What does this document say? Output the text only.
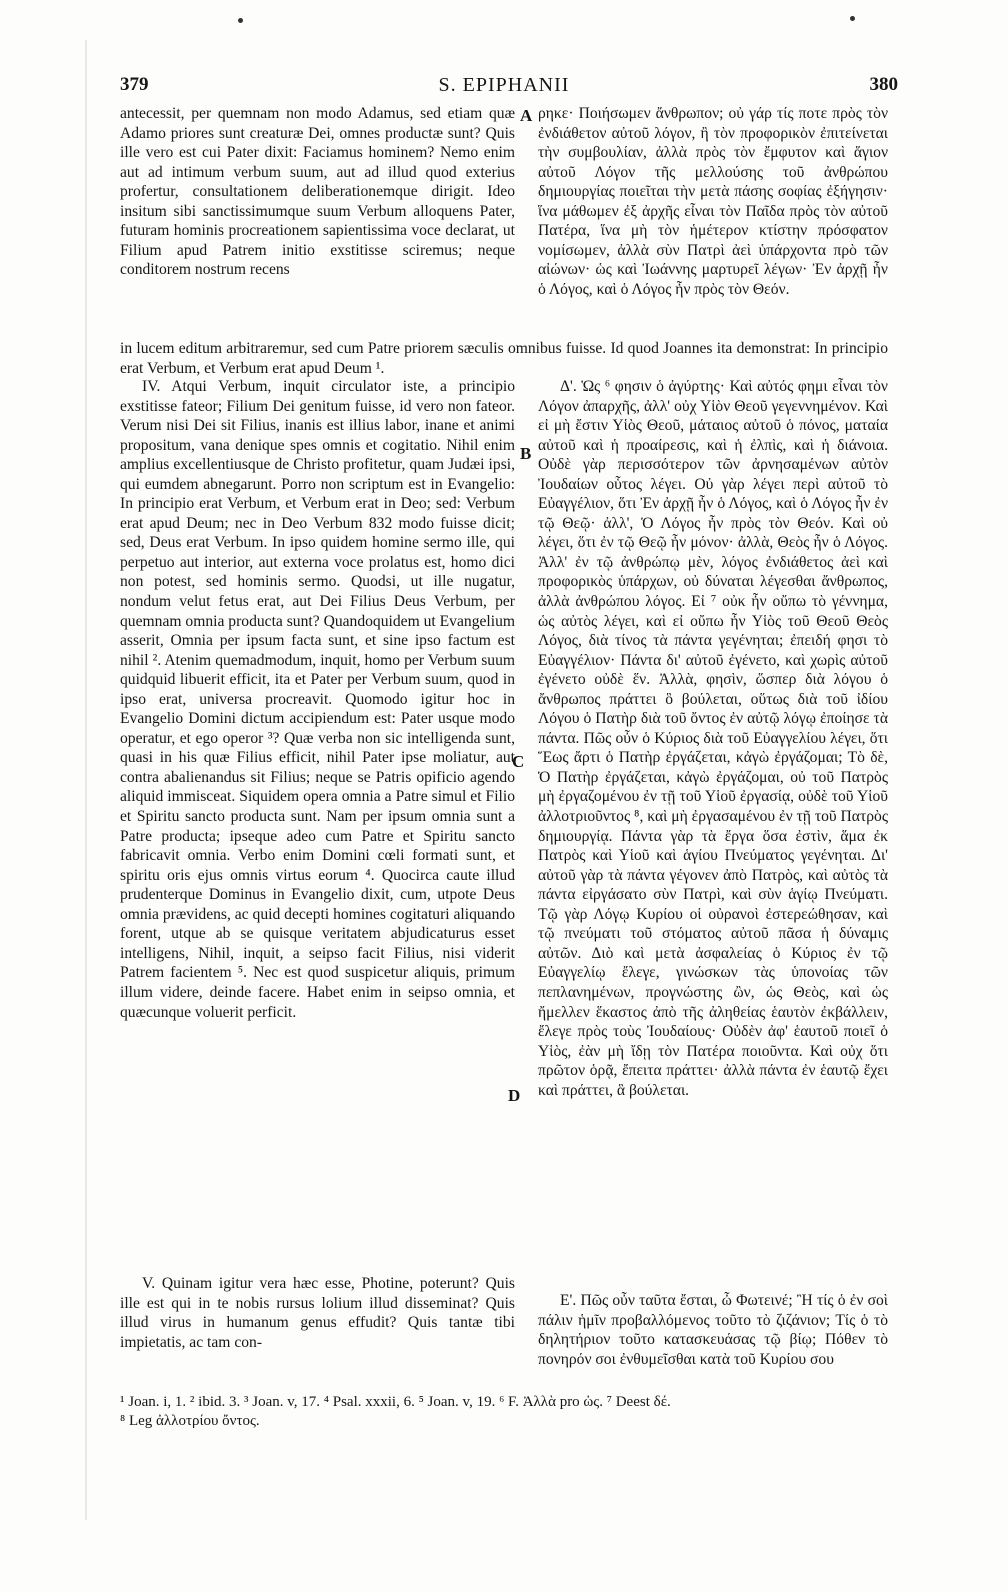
379	S. EPIPHANII	380

antecessit, per quemnam non modo Adamus, sed etiam quæ Adamo priores sunt creaturæ Dei, omnes productæ sunt? Quis ille vero est cui Pater dixit: Faciamus hominem? Nemo enim aut ad intimum verbum suum, aut ad illud quod exterius profertur, consultationem deliberationemque dirigit. Ideo insitum sibi sanctissimumque suum Verbum alloquens Pater, futuram hominis procreationem sapientissima voce declarat, ut Filium apud Patrem initio exstitisse sciremus; neque conditorem nostrum recens

A ρηκε· Ποιήσωμεν ἄνθρωπον; οὐ γάρ τίς ποτε πρὸς τὸν ἐνδιάθετον αὐτοῦ λόγον, ἢ τὸν προφορικὸν ἐπιτείνεται τὴν συμβουλίαν, ἀλλὰ πρὸς τὸν ἔμφυτον καὶ ἅγιον αὐτοῦ Λόγον τῆς μελλούσης τοῦ ἀνθρώπου δημιουργίας ποιεῖται τὴν μετὰ πάσης σοφίας ἐξήγησιν· ἵνα μάθωμεν ἐξ ἀρχῆς εἶναι τὸν Παῖδα πρὸς τὸν αὐτοῦ Πατέρα, ἵνα μὴ τὸν ἡμέτερον κτίστην πρόσφατον νομίσωμεν, ἀλλὰ σὺν Πατρὶ ἀεὶ ὑπάρχοντα πρὸ τῶν αἰώνων· ὡς καὶ Ἰωάννης μαρτυρεῖ λέγων· Ἐν ἀρχῇ ἦν ὁ Λόγος, καὶ ὁ Λόγος ἦν πρὸς τὸν Θεόν.

in lucem editum arbitraremur, sed cum Patre priorem sæculis omnibus fuisse. Id quod Joannes ita demonstrat: In principio erat Verbum, et Verbum erat apud Deum ¹.

IV. Atqui Verbum, inquit circulator iste, a principio exstitisse fateor; Filium Dei genitum fuisse, id vero non fateor. Verum nisi Dei sit Filius, inanis est illius labor, inane et animi propositum, vana denique spes omnis et cogitatio. Nihil enim amplius excellentiusque de Christo profitetur, quam Judæi ipsi, qui eumdem abnegarunt. Porro non scriptum est in Evangelio: In principio erat Verbum, et Verbum erat in Deo; sed: Verbum erat apud Deum; nec in Deo Verbum 832 modo fuisse dicit; sed, Deus erat Verbum. In ipso quidem homine sermo ille, qui perpetuo aut interior, aut externa voce prolatus est, homo dici non potest, sed hominis sermo. Quodsi, ut ille nugatur, nondum velut fetus erat, aut Dei Filius Deus Verbum, per quemnam omnia producta sunt? Quandoquidem ut Evangelium asserit, Omnia per ipsum facta sunt, et sine ipso factum est nihil ². Atenim quemadmodum, inquit, homo per Verbum suum quidquid libuerit efficit, ita et Pater per Verbum suum, quod in ipso erat, universa procreavit. Quomodo igitur hoc in Evangelio Domini dictum accipiendum est: Pater usque modo operatur, et ego operor ³? Quæ verba non sic intelligenda sunt, quasi in his quæ Filius efficit, nihil Pater ipse moliatur, aut contra abalienandus sit Filius; neque se Patris opificio agendo aliquid immisceat. Siquidem opera omnia a Patre simul et Filio et Spiritu sancto producta sunt. Nam per ipsum omnia sunt a Patre producta; ipseque adeo cum Patre et Spiritu sancto fabricavit omnia. Verbo enim Domini cœli formati sunt, et spiritu oris ejus omnis virtus eorum ⁴. Quocirca caute illud prudenterque Dominus in Evangelio dixit, cum, utpote Deus omnia prævidens, ac quid decepti homines cogitaturi aliquando forent, utque ab se quisque veritatem abjudicaturus esset intelligens, Nihil, inquit, a seipso facit Filius, nisi viderit Patrem facientem ⁵. Nec est quod suspicetur aliquis, primum illum videre, deinde facere. Habet enim in seipso omnia, et quæcunque voluerit perficit.

B
C
D

Δ'. Ὡς ⁶ φησιν ὁ ἀγύρτης· Καὶ αὐτός φημι εἶναι τὸν Λόγον ἀπαρχῆς, ἀλλ' οὐχ Υἱὸν Θεοῦ γεγεννημένον. Καὶ εἰ μὴ ἔστιν Υἱὸς Θεοῦ, μάταιος αὐτοῦ ὁ πόνος, ματαία αὐτοῦ καὶ ἡ προαίρεσις, καὶ ἡ ἐλπὶς, καὶ ἡ διάνοια. Οὐδὲ γὰρ περισσότερον τῶν ἀρνησαμένων αὐτὸν Ἰουδαίων οὗτος λέγει. Οὐ γὰρ λέγει περὶ αὐτοῦ τὸ Εὐαγγέλιον, ὅτι Ἐν ἀρχῇ ἦν ὁ Λόγος, καὶ ὁ Λόγος ἦν ἐν τῷ Θεῷ· ἀλλ', Ὁ Λόγος ἦν πρὸς τὸν Θεόν. Καὶ οὐ λέγει, ὅτι ἐν τῷ Θεῷ ἦν μόνον· ἀλλὰ, Θεὸς ἦν ὁ Λόγος. Ἀλλ' ἐν τῷ ἀνθρώπῳ μὲν, λόγος ἐνδιάθετος ἀεὶ καὶ προφορικὸς ὑπάρχων, οὐ δύναται λέγεσθαι ἄνθρωπος, ἀλλὰ ἀνθρώπου λόγος. Εἰ ⁷ οὐκ ἦν οὔπω τὸ γέννημα, ὡς αὐτὸς λέγει, καὶ εἰ οὔπω ἦν Υἱὸς τοῦ Θεοῦ Θεὸς Λόγος, διὰ τίνος τὰ πάντα γεγένηται; ἐπειδή φησι τὸ Εὐαγγέλιον· Πάντα δι' αὐτοῦ ἐγένετο, καὶ χωρὶς αὐτοῦ ἐγένετο οὐδὲ ἕν. Ἀλλὰ, φησὶν, ὥσπερ διὰ λόγου ὁ ἄνθρωπος πράττει ὃ βούλεται, οὕτως διὰ τοῦ ἰδίου Λόγου ὁ Πατὴρ διὰ τοῦ ὄντος ἐν αὐτῷ λόγῳ ἐποίησε τὰ πάντα. Πῶς οὖν ὁ Κύριος διὰ τοῦ Εὐαγγελίου λέγει, ὅτι Ἕως ἄρτι ὁ Πατὴρ ἐργάζεται, κἀγὼ ἐργάζομαι; Τὸ δὲ, Ὁ Πατὴρ ἐργάζεται, κἀγὼ ἐργάζομαι, οὐ τοῦ Πατρὸς μὴ ἐργαζομένου ἐν τῇ τοῦ Υἱοῦ ἐργασίᾳ, οὐδὲ τοῦ Υἱοῦ ἀλλοτριοῦντος ⁸, καὶ μὴ ἐργασαμένου ἐν τῇ τοῦ Πατρὸς δημιουργίᾳ. Πάντα γὰρ τὰ ἔργα ὅσα ἐστὶν, ἅμα ἐκ Πατρὸς καὶ Υἱοῦ καὶ ἁγίου Πνεύματος γεγένηται. Δι' αὐτοῦ γὰρ τὰ πάντα γέγονεν ἀπὸ Πατρὸς, καὶ αὐτὸς τὰ πάντα εἰργάσατο σὺν Πατρὶ, καὶ σὺν ἁγίῳ Πνεύματι. Τῷ γὰρ Λόγῳ Κυρίου οἱ οὐρανοὶ ἐστερεώθησαν, καὶ τῷ πνεύματι τοῦ στόματος αὐτοῦ πᾶσα ἡ δύναμις αὐτῶν. Διὸ καὶ μετὰ ἀσφαλείας ὁ Κύριος ἐν τῷ Εὐαγγελίῳ ἔλεγε, γινώσκων τὰς ὑπονοίας τῶν πεπλανημένων, προγνώστης ὢν, ὡς Θεὸς, καὶ ὡς ἤμελλεν ἕκαστος ἀπὸ τῆς ἀληθείας ἑαυτὸν ἐκβάλλειν, ἔλεγε πρὸς τοὺς Ἰουδαίους· Οὐδὲν ἀφ' ἑαυτοῦ ποιεῖ ὁ Υἱὸς, ἐὰν μὴ ἴδῃ τὸν Πατέρα ποιοῦντα. Καὶ οὐχ ὅτι πρῶτον ὁρᾷ, ἔπειτα πράττει· ἀλλὰ πάντα ἐν ἑαυτῷ ἔχει καὶ πράττει, ἃ βούλεται.

V. Quinam igitur vera hæc esse, Photine, poterunt? Quis ille est qui in te nobis rursus lolium illud disseminat? Quis illud virus in humanum genus effudit? Quis tantæ tibi impietatis, ac tam con-

Ε'. Πῶς οὖν ταῦτα ἔσται, ὦ Φωτεινέ; Ἢ τίς ὁ ἐν σοὶ πάλιν ἡμῖν προβαλλόμενος τοῦτο τὸ ζιζάνιον; Τίς ὁ τὸ δηλητήριον τοῦτο κατασκευάσας τῷ βίῳ; Πόθεν τὸ πονηρόν σοι ἐνθυμεῖσθαι κατὰ τοῦ Κυρίου σου

¹ Joan. i, 1. ² ibid. 3. ³ Joan. v, 17. ⁴ Psal. xxxii, 6. ⁵ Joan. v, 19. ⁶ F. Ἀλλὰ pro ὡς. ⁷ Deest δέ.
⁸ Leg ἀλλοτρίου ὄντος.
